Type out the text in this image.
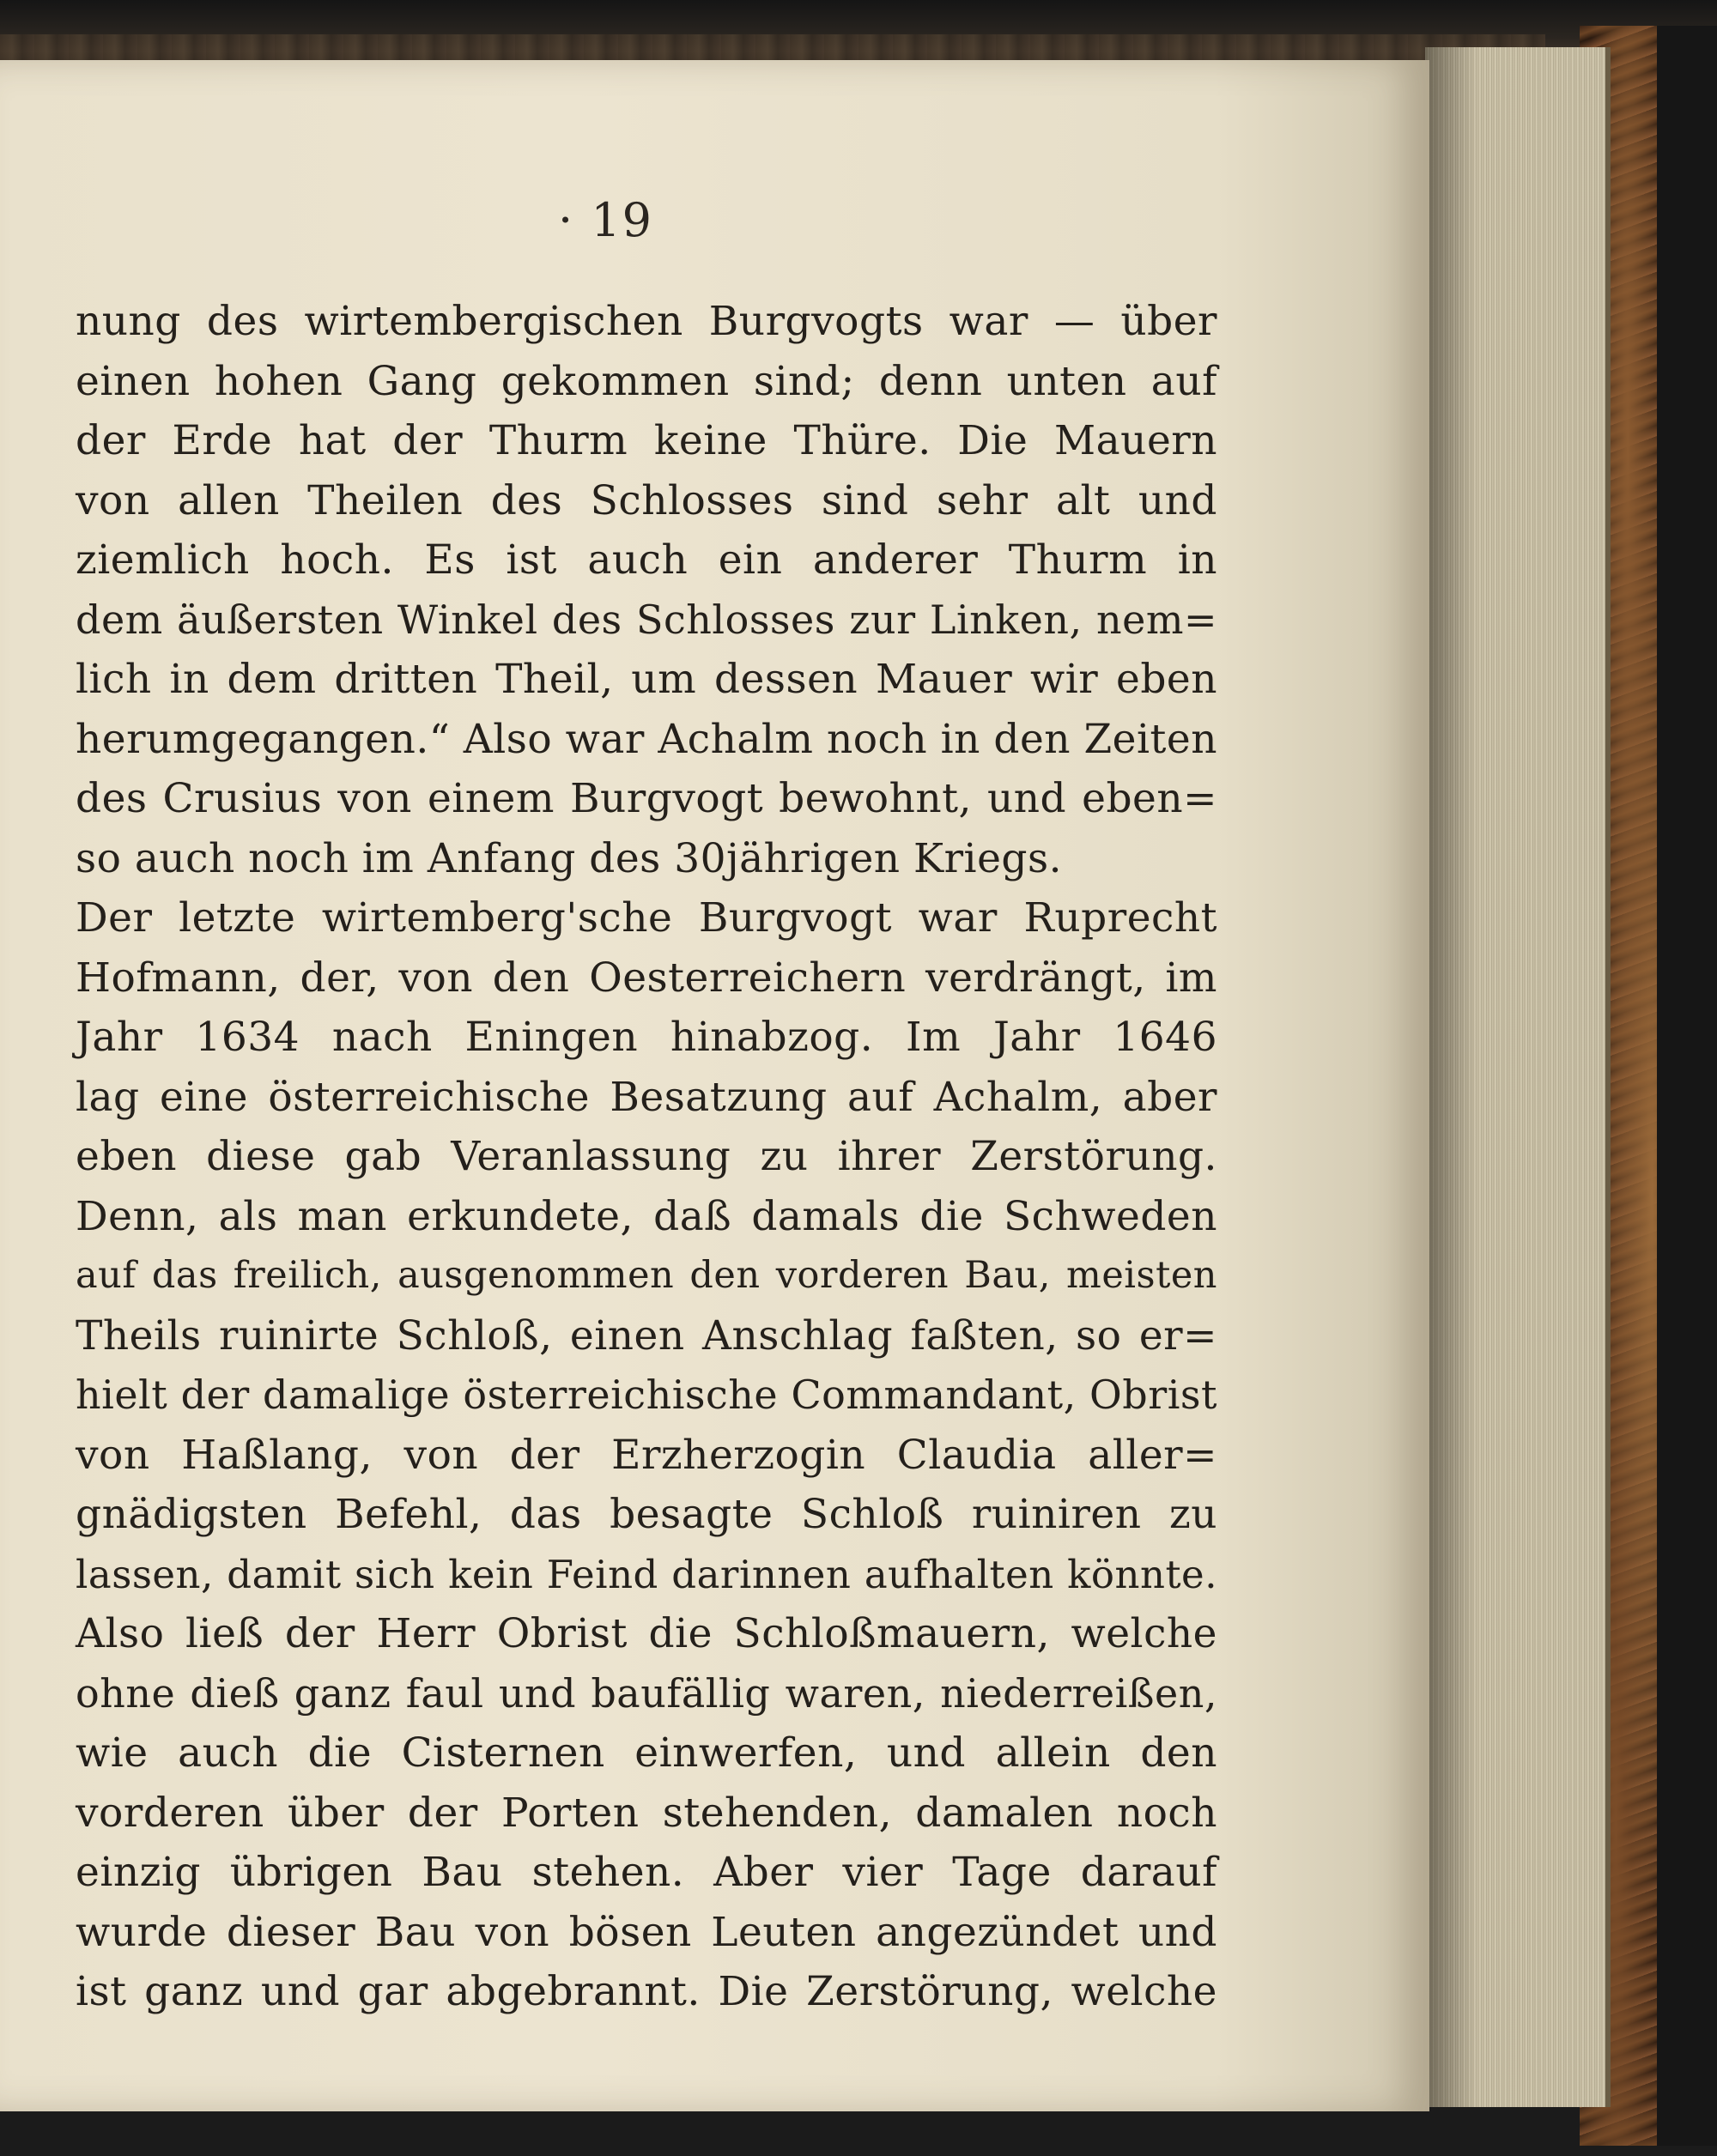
· 19
nung des wirtembergischen Burgvogts war — über
einen hohen Gang gekommen sind; denn unten auf
der Erde hat der Thurm keine Thüre. Die Mauern
von allen Theilen des Schlosses sind sehr alt und
ziemlich hoch. Es ist auch ein anderer Thurm in
dem äußersten Winkel des Schlosses zur Linken, nem=
lich in dem dritten Theil, um dessen Mauer wir eben
herumgegangen.“ Also war Achalm noch in den Zeiten
des Crusius von einem Burgvogt bewohnt, und eben=
so auch noch im Anfang des 30jährigen Kriegs.
Der letzte wirtemberg'sche Burgvogt war Ruprecht
Hofmann, der, von den Oesterreichern verdrängt, im
Jahr 1634 nach Eningen hinabzog. Im Jahr 1646
lag eine österreichische Besatzung auf Achalm, aber
eben diese gab Veranlassung zu ihrer Zerstörung.
Denn, als man erkundete, daß damals die Schweden
auf das freilich, ausgenommen den vorderen Bau, meisten
Theils ruinirte Schloß, einen Anschlag faßten, so er=
hielt der damalige österreichische Commandant, Obrist
von Haßlang, von der Erzherzogin Claudia aller=
gnädigsten Befehl, das besagte Schloß ruiniren zu
lassen, damit sich kein Feind darinnen aufhalten könnte.
Also ließ der Herr Obrist die Schloßmauern, welche
ohne dieß ganz faul und baufällig waren, niederreißen,
wie auch die Cisternen einwerfen, und allein den
vorderen über der Porten stehenden, damalen noch
einzig übrigen Bau stehen. Aber vier Tage darauf
wurde dieser Bau von bösen Leuten angezündet und
ist ganz und gar abgebrannt. Die Zerstörung, welche
